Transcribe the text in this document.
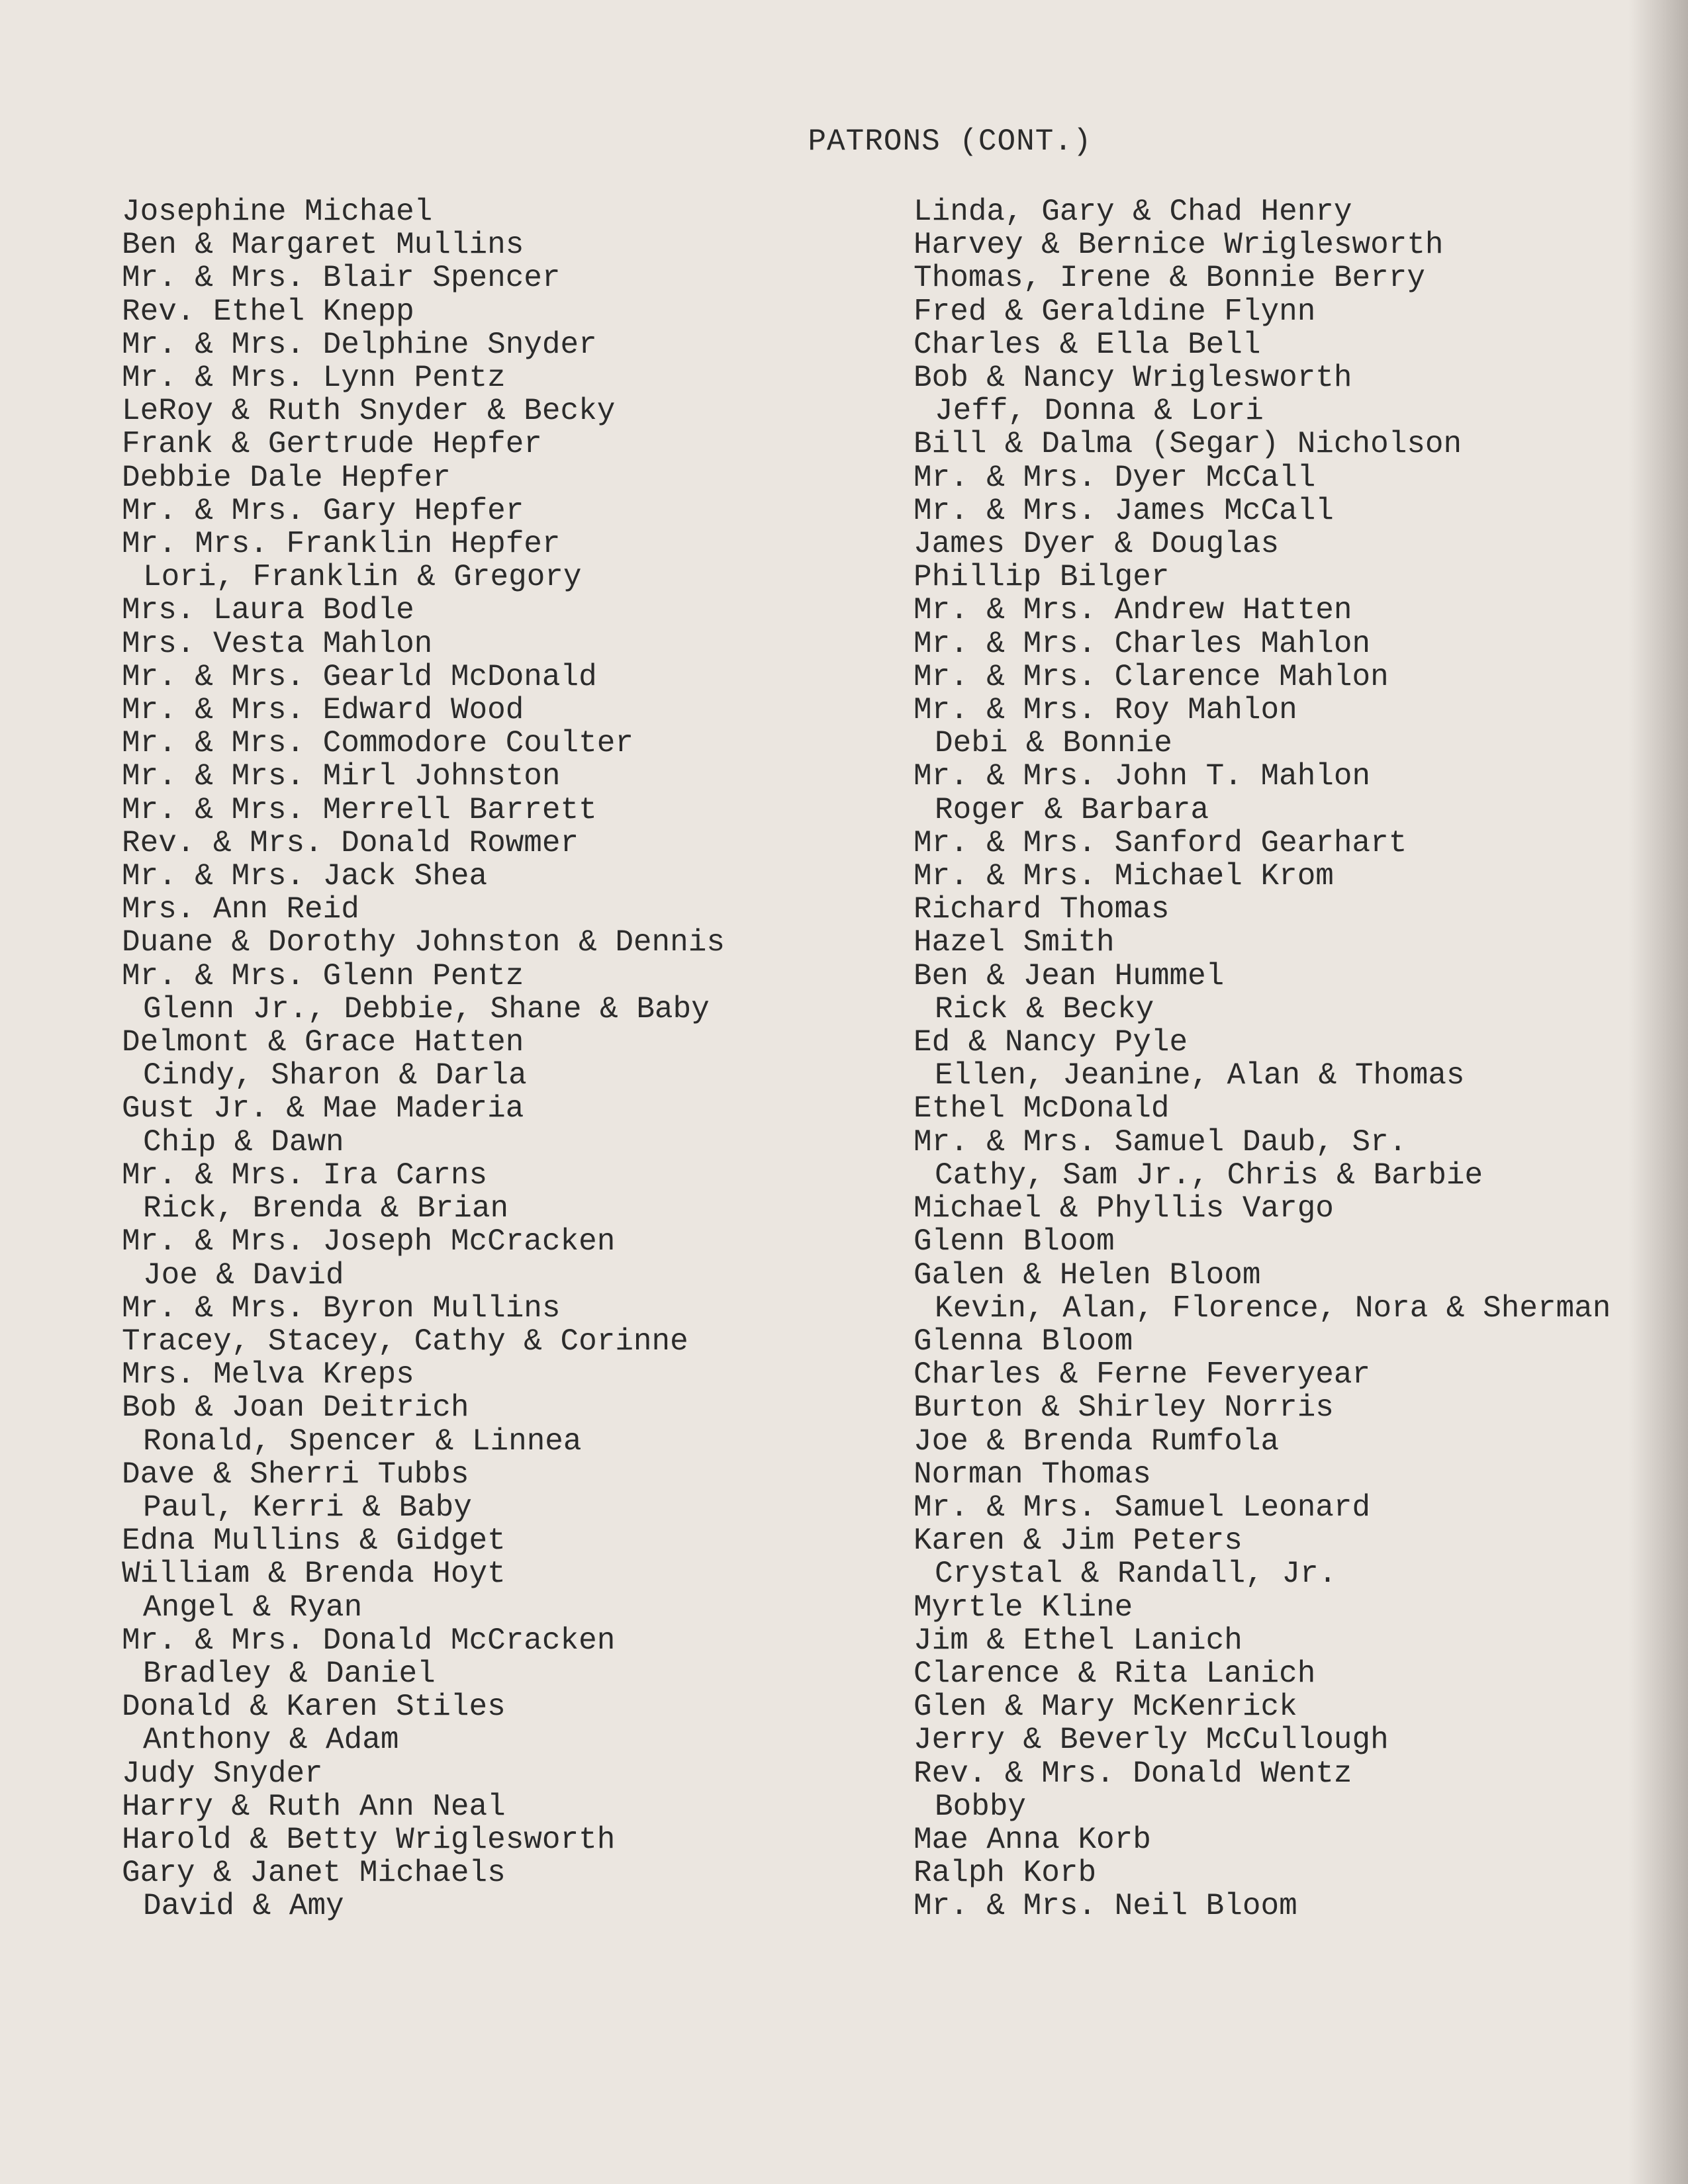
PATRONS (CONT.)
Josephine Michael
Ben & Margaret Mullins
Mr. & Mrs. Blair Spencer
Rev. Ethel Knepp
Mr. & Mrs. Delphine Snyder
Mr. & Mrs. Lynn Pentz
LeRoy & Ruth Snyder & Becky
Frank & Gertrude Hepfer
Debbie Dale Hepfer
Mr. & Mrs. Gary Hepfer
Mr. Mrs. Franklin Hepfer
Lori, Franklin & Gregory
Mrs. Laura Bodle
Mrs. Vesta Mahlon
Mr. & Mrs. Gearld McDonald
Mr. & Mrs. Edward Wood
Mr. & Mrs. Commodore Coulter
Mr. & Mrs. Mirl Johnston
Mr. & Mrs. Merrell Barrett
Rev. & Mrs. Donald Rowmer
Mr. & Mrs. Jack Shea
Mrs. Ann Reid
Duane & Dorothy Johnston & Dennis
Mr. & Mrs. Glenn Pentz
Glenn Jr., Debbie, Shane & Baby
Delmont & Grace Hatten
Cindy, Sharon & Darla
Gust Jr. & Mae Maderia
Chip & Dawn
Mr. & Mrs. Ira Carns
Rick, Brenda & Brian
Mr. & Mrs. Joseph McCracken
Joe & David
Mr. & Mrs. Byron Mullins
Tracey, Stacey, Cathy & Corinne
Mrs. Melva Kreps
Bob & Joan Deitrich
Ronald, Spencer & Linnea
Dave & Sherri Tubbs
Paul, Kerri & Baby
Edna Mullins & Gidget
William & Brenda Hoyt
Angel & Ryan
Mr. & Mrs. Donald McCracken
Bradley & Daniel
Donald & Karen Stiles
Anthony & Adam
Judy Snyder
Harry & Ruth Ann Neal
Harold & Betty Wriglesworth
Gary & Janet Michaels
David & Amy
Linda, Gary & Chad Henry
Harvey & Bernice Wriglesworth
Thomas, Irene & Bonnie Berry
Fred & Geraldine Flynn
Charles & Ella Bell
Bob & Nancy Wriglesworth
Jeff, Donna & Lori
Bill & Dalma (Segar) Nicholson
Mr. & Mrs. Dyer McCall
Mr. & Mrs. James McCall
James Dyer & Douglas
Phillip Bilger
Mr. & Mrs. Andrew Hatten
Mr. & Mrs. Charles Mahlon
Mr. & Mrs. Clarence Mahlon
Mr. & Mrs. Roy Mahlon
Debi & Bonnie
Mr. & Mrs. John T. Mahlon
Roger & Barbara
Mr. & Mrs. Sanford Gearhart
Mr. & Mrs. Michael Krom
Richard Thomas
Hazel Smith
Ben & Jean Hummel
Rick & Becky
Ed & Nancy Pyle
Ellen, Jeanine, Alan & Thomas
Ethel McDonald
Mr. & Mrs. Samuel Daub, Sr.
Cathy, Sam Jr., Chris & Barbie
Michael & Phyllis Vargo
Glenn Bloom
Galen & Helen Bloom
Kevin, Alan, Florence, Nora & Sherman
Glenna Bloom
Charles & Ferne Feveryear
Burton & Shirley Norris
Joe & Brenda Rumfola
Norman Thomas
Mr. & Mrs. Samuel Leonard
Karen & Jim Peters
Crystal & Randall, Jr.
Myrtle Kline
Jim & Ethel Lanich
Clarence & Rita Lanich
Glen & Mary McKenrick
Jerry & Beverly McCullough
Rev. & Mrs. Donald Wentz
Bobby
Mae Anna Korb
Ralph Korb
Mr. & Mrs. Neil Bloom
